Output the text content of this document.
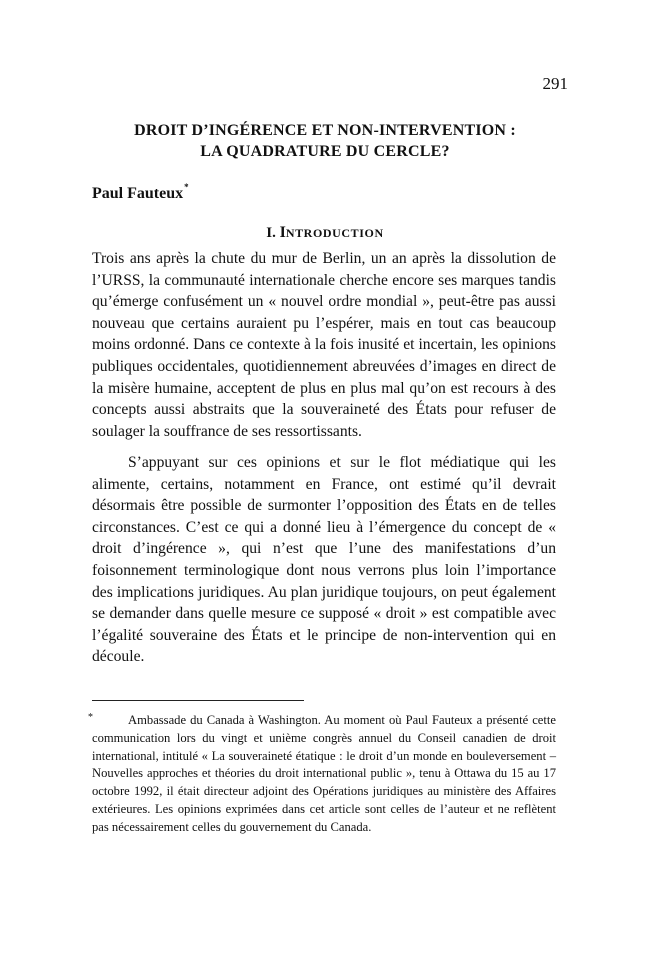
291
DROIT D’INGÉRENCE ET NON-INTERVENTION :
LA QUADRATURE DU CERCLE?
Paul Fauteux*
I. INTRODUCTION

Trois ans après la chute du mur de Berlin, un an après la dissolution de l’URSS, la communauté internationale cherche encore ses marques tandis qu’émerge confusément un « nouvel ordre mondial », peut-être pas aussi nouveau que certains auraient pu l’espérer, mais en tout cas beaucoup moins ordonné. Dans ce contexte à la fois inusité et incertain, les opinions publiques occidentales, quotidiennement abreuvées d’images en direct de la misère humaine, acceptent de plus en plus mal qu’on est recours à des concepts aussi abstraits que la souveraineté des États pour refuser de soulager la souffrance de ses ressortissants.

S’appuyant sur ces opinions et sur le flot médiatique qui les alimente, certains, notamment en France, ont estimé qu’il devrait désormais être possible de surmonter l’opposition des États en de telles circonstances. C’est ce qui a donné lieu à l’émergence du concept de « droit d’ingérence », qui n’est que l’une des manifestations d’un foisonnement terminologique dont nous verrons plus loin l’importance des implications juridiques. Au plan juridique toujours, on peut également se demander dans quelle mesure ce supposé « droit » est compatible avec l’égalité souveraine des États et le principe de non-intervention qui en découle.

*	Ambassade du Canada à Washington. Au moment où Paul Fauteux a présenté cette communication lors du vingt et unième congrès annuel du Conseil canadien de droit international, intitulé « La souveraineté étatique : le droit d’un monde en bouleversement – Nouvelles approches et théories du droit international public », tenu à Ottawa du 15 au 17 octobre 1992, il était directeur adjoint des Opérations juridiques au ministère des Affaires extérieures. Les opinions exprimées dans cet article sont celles de l’auteur et ne reflètent pas nécessairement celles du gouvernement du Canada.
